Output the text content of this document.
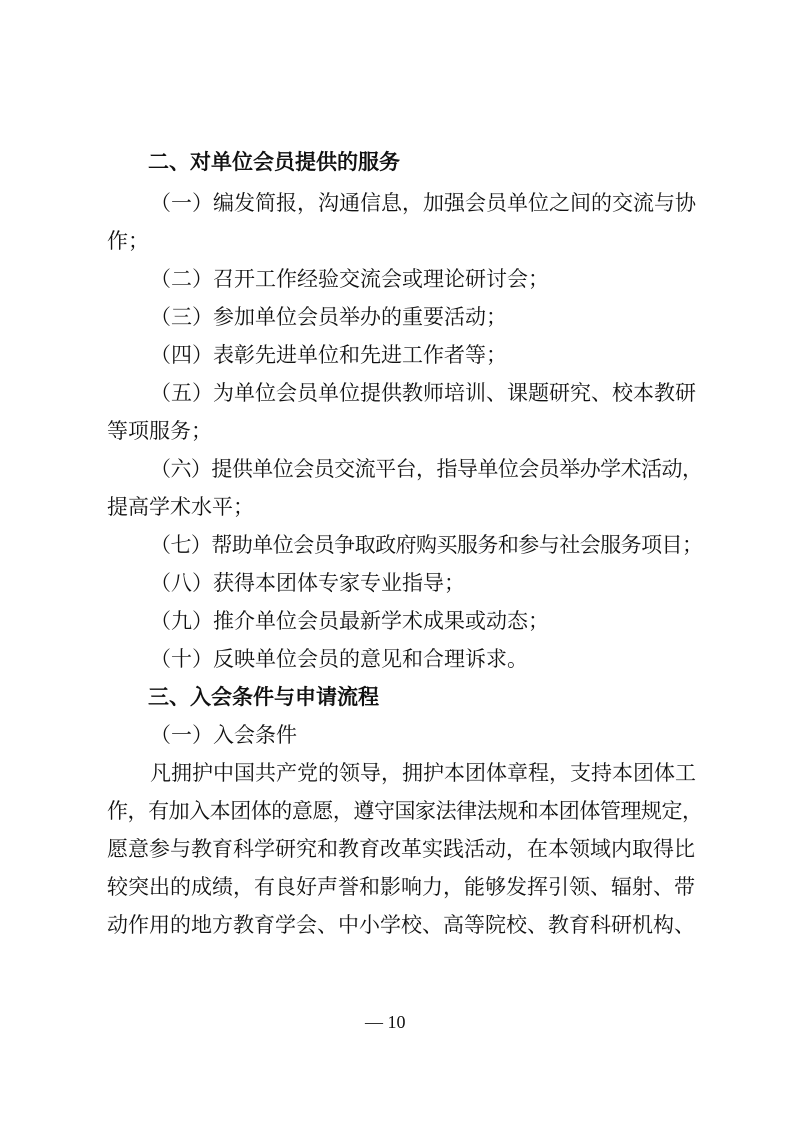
二、对单位会员提供的服务
（一）编发简报，沟通信息，加强会员单位之间的交流与协
作；
（二）召开工作经验交流会或理论研讨会；
（三）参加单位会员举办的重要活动；
（四）表彰先进单位和先进工作者等；
（五）为单位会员单位提供教师培训、课题研究、校本教研
等项服务；
（六）提供单位会员交流平台，指导单位会员举办学术活动，
提高学术水平；
（七）帮助单位会员争取政府购买服务和参与社会服务项目；
（八）获得本团体专家专业指导；
（九）推介单位会员最新学术成果或动态；
（十）反映单位会员的意见和合理诉求。
三、入会条件与申请流程
（一）入会条件
凡拥护中国共产党的领导，拥护本团体章程，支持本团体工
作，有加入本团体的意愿，遵守国家法律法规和本团体管理规定，
愿意参与教育科学研究和教育改革实践活动，在本领域内取得比
较突出的成绩，有良好声誉和影响力，能够发挥引领、辐射、带
动作用的地方教育学会、中小学校、高等院校、教育科研机构、
— 10
